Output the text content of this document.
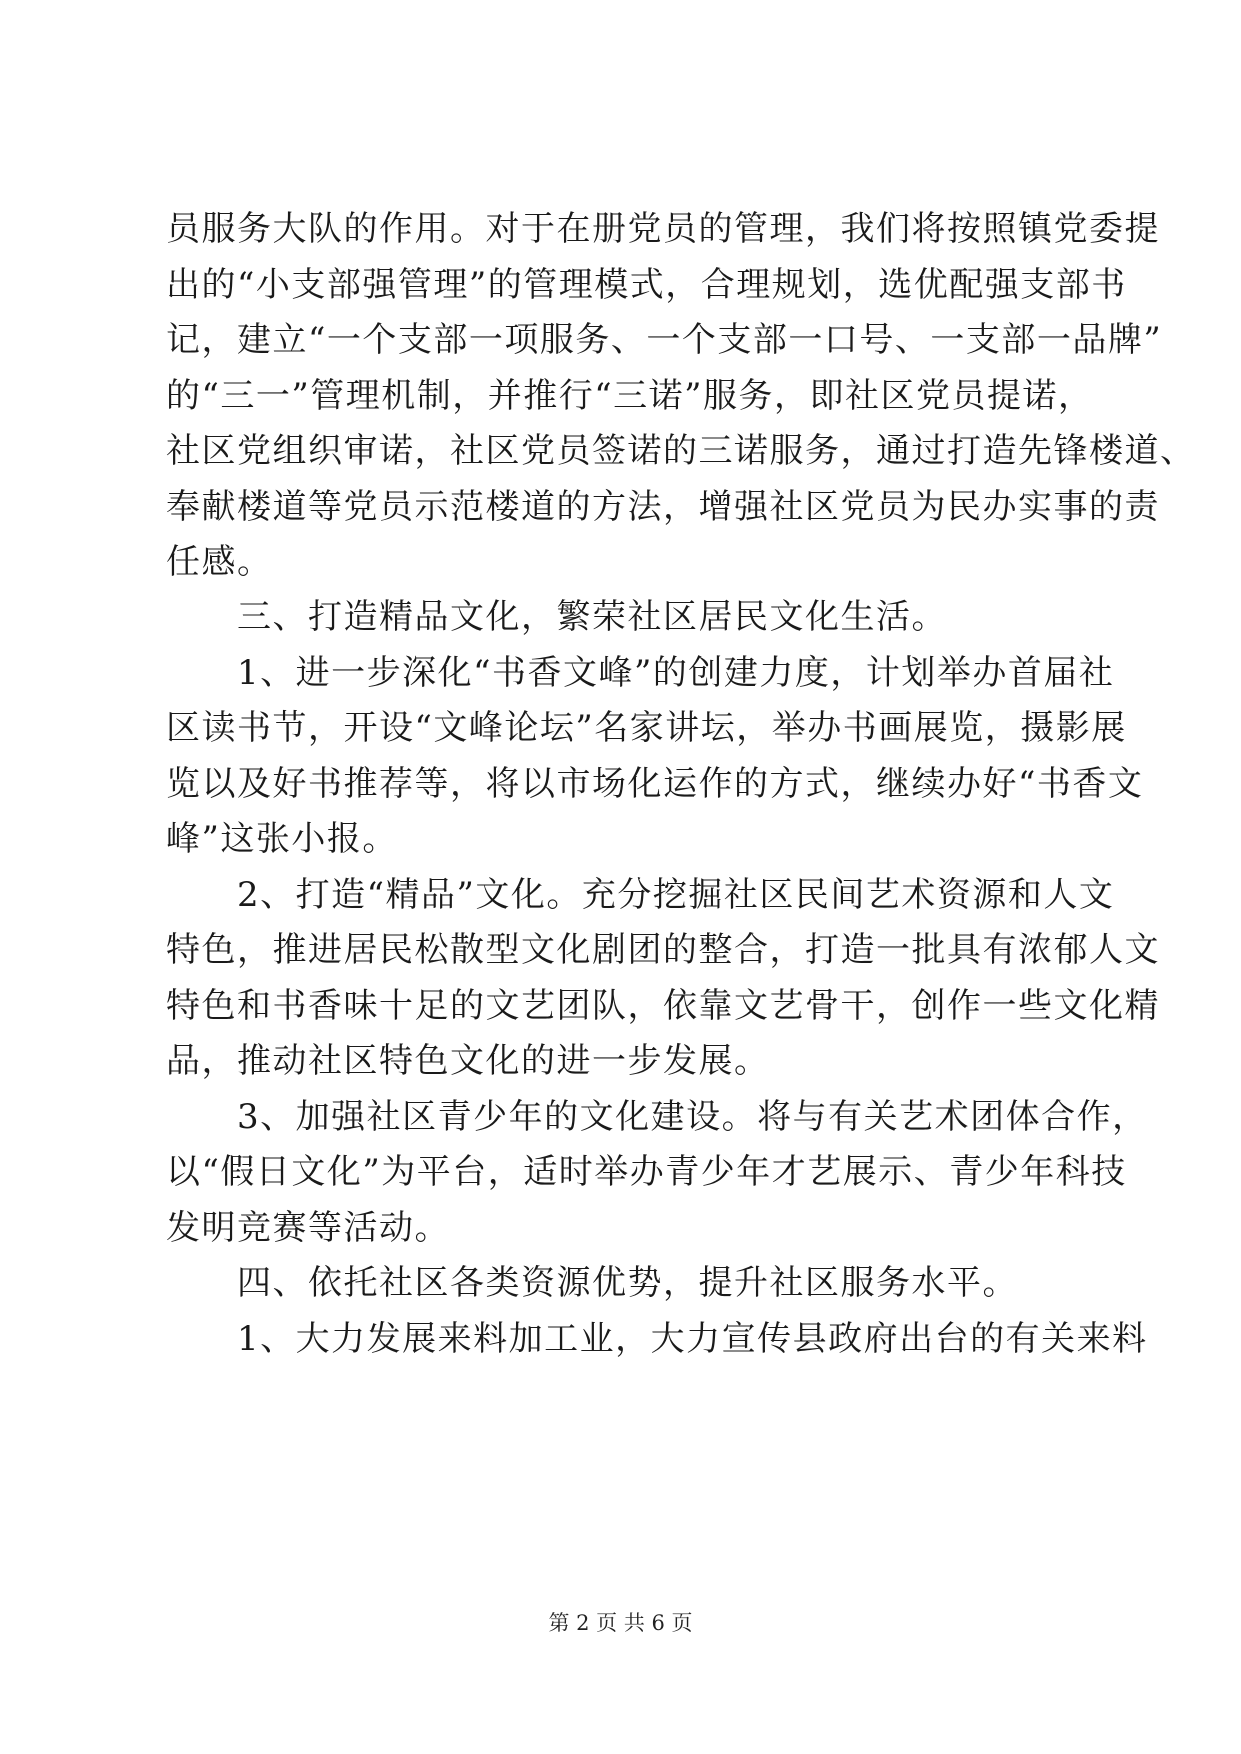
员服务大队的作用。对于在册党员的管理，我们将按照镇党委提
出的“小支部强管理”的管理模式，合理规划，选优配强支部书
记，建立“一个支部一项服务、一个支部一口号、一支部一品牌”
的“三一”管理机制，并推行“三诺”服务，即社区党员提诺，
社区党组织审诺，社区党员签诺的三诺服务，通过打造先锋楼道、
奉献楼道等党员示范楼道的方法，增强社区党员为民办实事的责
任感。
　　三、打造精品文化，繁荣社区居民文化生活。
　　1、进一步深化“书香文峰”的创建力度，计划举办首届社
区读书节，开设“文峰论坛”名家讲坛，举办书画展览，摄影展
览以及好书推荐等，将以市场化运作的方式，继续办好“书香文
峰”这张小报。
　　2、打造“精品”文化。充分挖掘社区民间艺术资源和人文
特色，推进居民松散型文化剧团的整合，打造一批具有浓郁人文
特色和书香味十足的文艺团队，依靠文艺骨干，创作一些文化精
品，推动社区特色文化的进一步发展。
　　3、加强社区青少年的文化建设。将与有关艺术团体合作，
以“假日文化”为平台，适时举办青少年才艺展示、青少年科技
发明竞赛等活动。
　　四、依托社区各类资源优势，提升社区服务水平。
　　1、大力发展来料加工业，大力宣传县政府出台的有关来料
第 2 页 共 6 页
